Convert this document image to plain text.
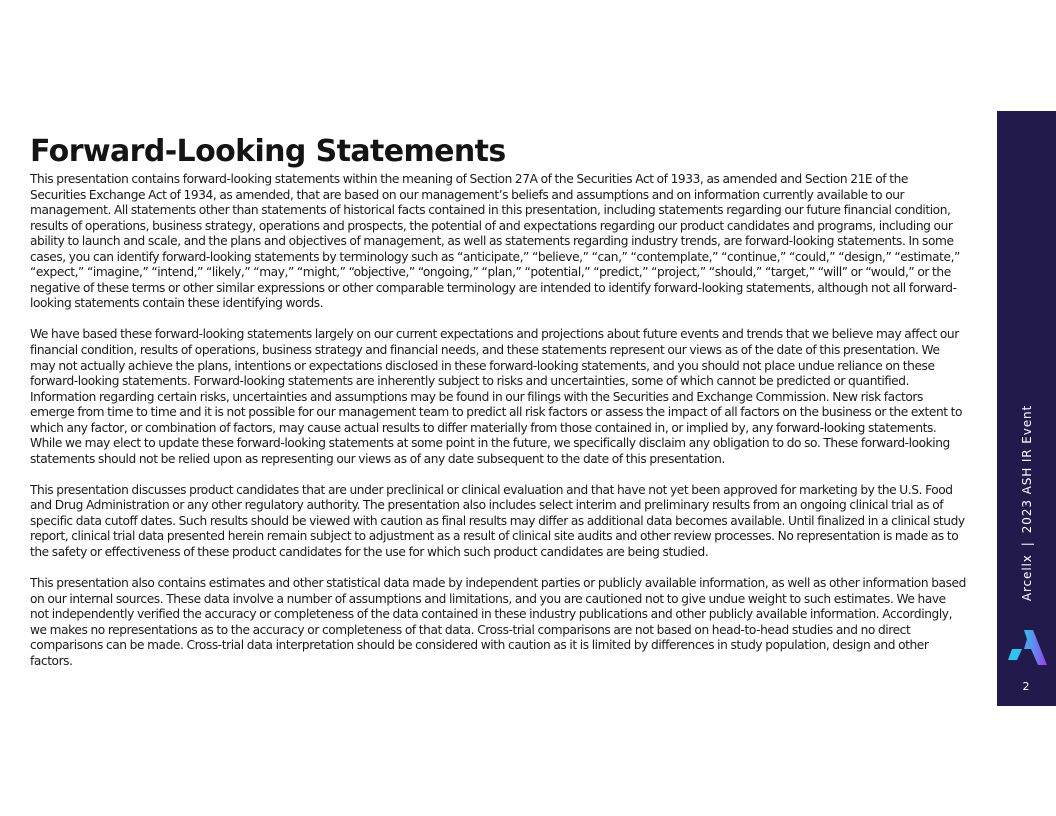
Forward-Looking Statements

This presentation contains forward-looking statements within the meaning of Section 27A of the Securities Act of 1933, as amended and Section 21E of the Securities Exchange Act of 1934, as amended, that are based on our management’s beliefs and assumptions and on information currently available to our management. All statements other than statements of historical facts contained in this presentation, including statements regarding our future financial condition, results of operations, business strategy, operations and prospects, the potential of and expectations regarding our product candidates and programs, including our ability to launch and scale, and the plans and objectives of management, as well as statements regarding industry trends, are forward-looking statements. In some cases, you can identify forward-looking statements by terminology such as “anticipate,” “believe,” “can,” “contemplate,” “continue,” “could,” “design,” “estimate,” “expect,” “imagine,” “intend,” “likely,” “may,” “might,” “objective,” “ongoing,” “plan,” “potential,” “predict,” “project,” “should,” “target,” “will” or “would,” or the negative of these terms or other similar expressions or other comparable terminology are intended to identify forward-looking statements, although not all forward-looking statements contain these identifying words.

We have based these forward-looking statements largely on our current expectations and projections about future events and trends that we believe may affect our financial condition, results of operations, business strategy and financial needs, and these statements represent our views as of the date of this presentation. We may not actually achieve the plans, intentions or expectations disclosed in these forward-looking statements, and you should not place undue reliance on these forward-looking statements. Forward-looking statements are inherently subject to risks and uncertainties, some of which cannot be predicted or quantified. Information regarding certain risks, uncertainties and assumptions may be found in our filings with the Securities and Exchange Commission. New risk factors emerge from time to time and it is not possible for our management team to predict all risk factors or assess the impact of all factors on the business or the extent to which any factor, or combination of factors, may cause actual results to differ materially from those contained in, or implied by, any forward-looking statements. While we may elect to update these forward-looking statements at some point in the future, we specifically disclaim any obligation to do so. These forward-looking statements should not be relied upon as representing our views as of any date subsequent to the date of this presentation.

This presentation discusses product candidates that are under preclinical or clinical evaluation and that have not yet been approved for marketing by the U.S. Food and Drug Administration or any other regulatory authority. The presentation also includes select interim and preliminary results from an ongoing clinical trial as of specific data cutoff dates. Such results should be viewed with caution as final results may differ as additional data becomes available. Until finalized in a clinical study report, clinical trial data presented herein remain subject to adjustment as a result of clinical site audits and other review processes. No representation is made as to the safety or effectiveness of these product candidates for the use for which such product candidates are being studied.

This presentation also contains estimates and other statistical data made by independent parties or publicly available information, as well as other information based on our internal sources. These data involve a number of assumptions and limitations, and you are cautioned not to give undue weight to such estimates. We have not independently verified the accuracy or completeness of the data contained in these industry publications and other publicly available information. Accordingly, we makes no representations as to the accuracy or completeness of that data. Cross-trial comparisons are not based on head-to-head studies and no direct comparisons can be made. Cross-trial data interpretation should be considered with caution as it is limited by differences in study population, design and other factors.

Arcellx|2023 ASH IR Event
2
